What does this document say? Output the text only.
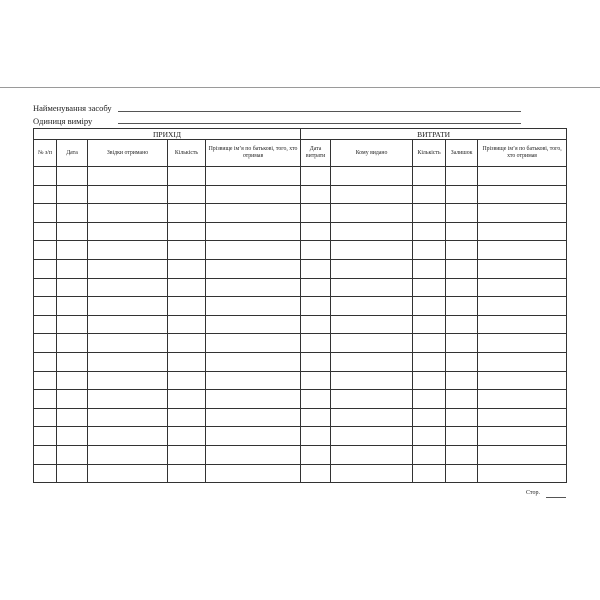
Найменування засобу
Одиниця виміру
ПРИХІД					ВИТРАТИ				
№ з/п	Дата	Звідки отримано	Кількість	Прізвище ім’я по батькові, того, хто отримав	Дата витрати	Кому видано	Кількість	Залишок	Прізвище ім’я по батькові, того, хто отримав

Стор.
